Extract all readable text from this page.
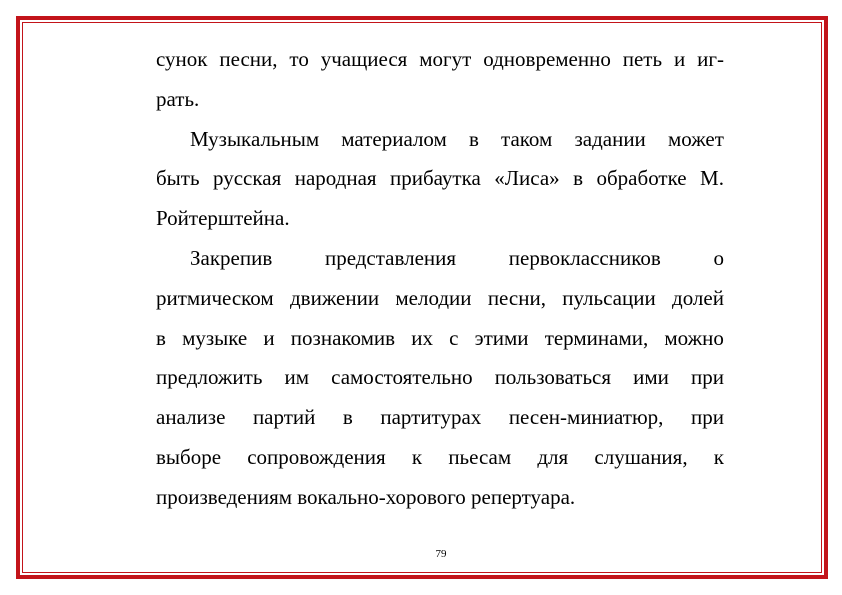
сунок песни, то учащиеся могут одновременно петь и иг-
рать.
Музыкальным материалом в таком задании может
быть русская народная прибаутка «Лиса» в обработке М.
Ройтерштейна.
Закрепив	представления	первоклассников	о
ритмическом движении мелодии песни, пульсации долей
в музыке и познакомив их с этими терминами, можно
предложить им самостоятельно пользоваться ими при
анализе партий в партитурах песен-миниатюр, при
выборе сопровождения к пьесам для слушания, к
произведениям вокально-хорового репертуара.
79
